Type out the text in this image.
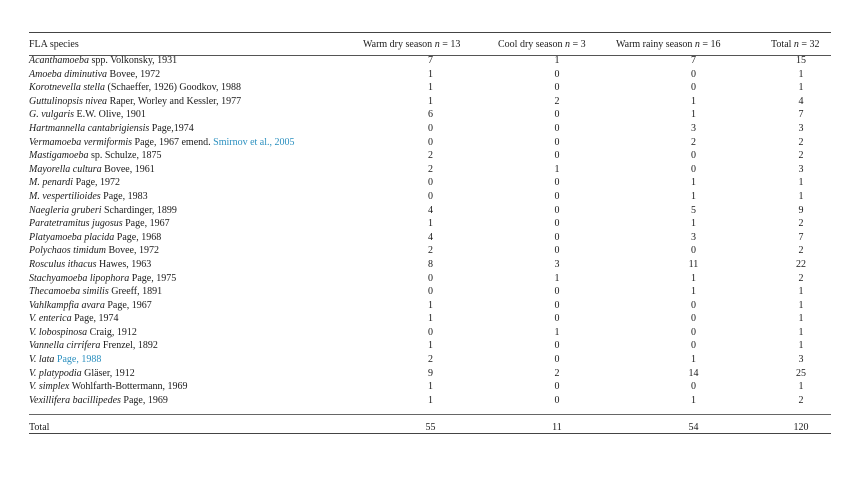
FLA species	Warm dry season n = 13	Cool dry season n = 3	Warm rainy season n = 16	Total n = 32
Acanthamoeba spp. Volkonsky, 1931	7	1	7	15
Amoeba diminutiva Bovee, 1972	1	0	0	1
Korotnevella stella (Schaeffer, 1926) Goodkov, 1988	1	0	0	1
Guttulinopsis nivea Raper, Worley and Kessler, 1977	1	2	1	4
G. vulgaris E.W. Olive, 1901	6	0	1	7
Hartmannella cantabrigiensis Page,1974	0	0	3	3
Vermamoeba vermiformis Page, 1967 emend. Smirnov et al., 2005	0	0	2	2
Mastigamoeba sp. Schulze, 1875	2	0	0	2
Mayorella cultura Bovee, 1961	2	1	0	3
M. penardi Page, 1972	0	0	1	1
M. vespertilioides Page, 1983	0	0	1	1
Naegleria gruberi Schardinger, 1899	4	0	5	9
Paratetramitus jugosus Page, 1967	1	0	1	2
Platyamoeba placida Page, 1968	4	0	3	7
Polychaos timidum Bovee, 1972	2	0	0	2
Rosculus ithacus Hawes, 1963	8	3	11	22
Stachyamoeba lipophora Page, 1975	0	1	1	2
Thecamoeba similis Greeff, 1891	0	0	1	1
Vahlkampfia avara Page, 1967	1	0	0	1
V. enterica Page, 1974	1	0	0	1
V. lobospinosa Craig, 1912	0	1	0	1
Vannella cirrifera Frenzel, 1892	1	0	0	1
V. lata Page, 1988	2	0	1	3
V. platypodia Gläser, 1912	9	2	14	25
V. simplex Wohlfarth-Bottermann, 1969	1	0	0	1
Vexillifera bacillipedes Page, 1969	1	0	1	2

Total	55	11	54	120
